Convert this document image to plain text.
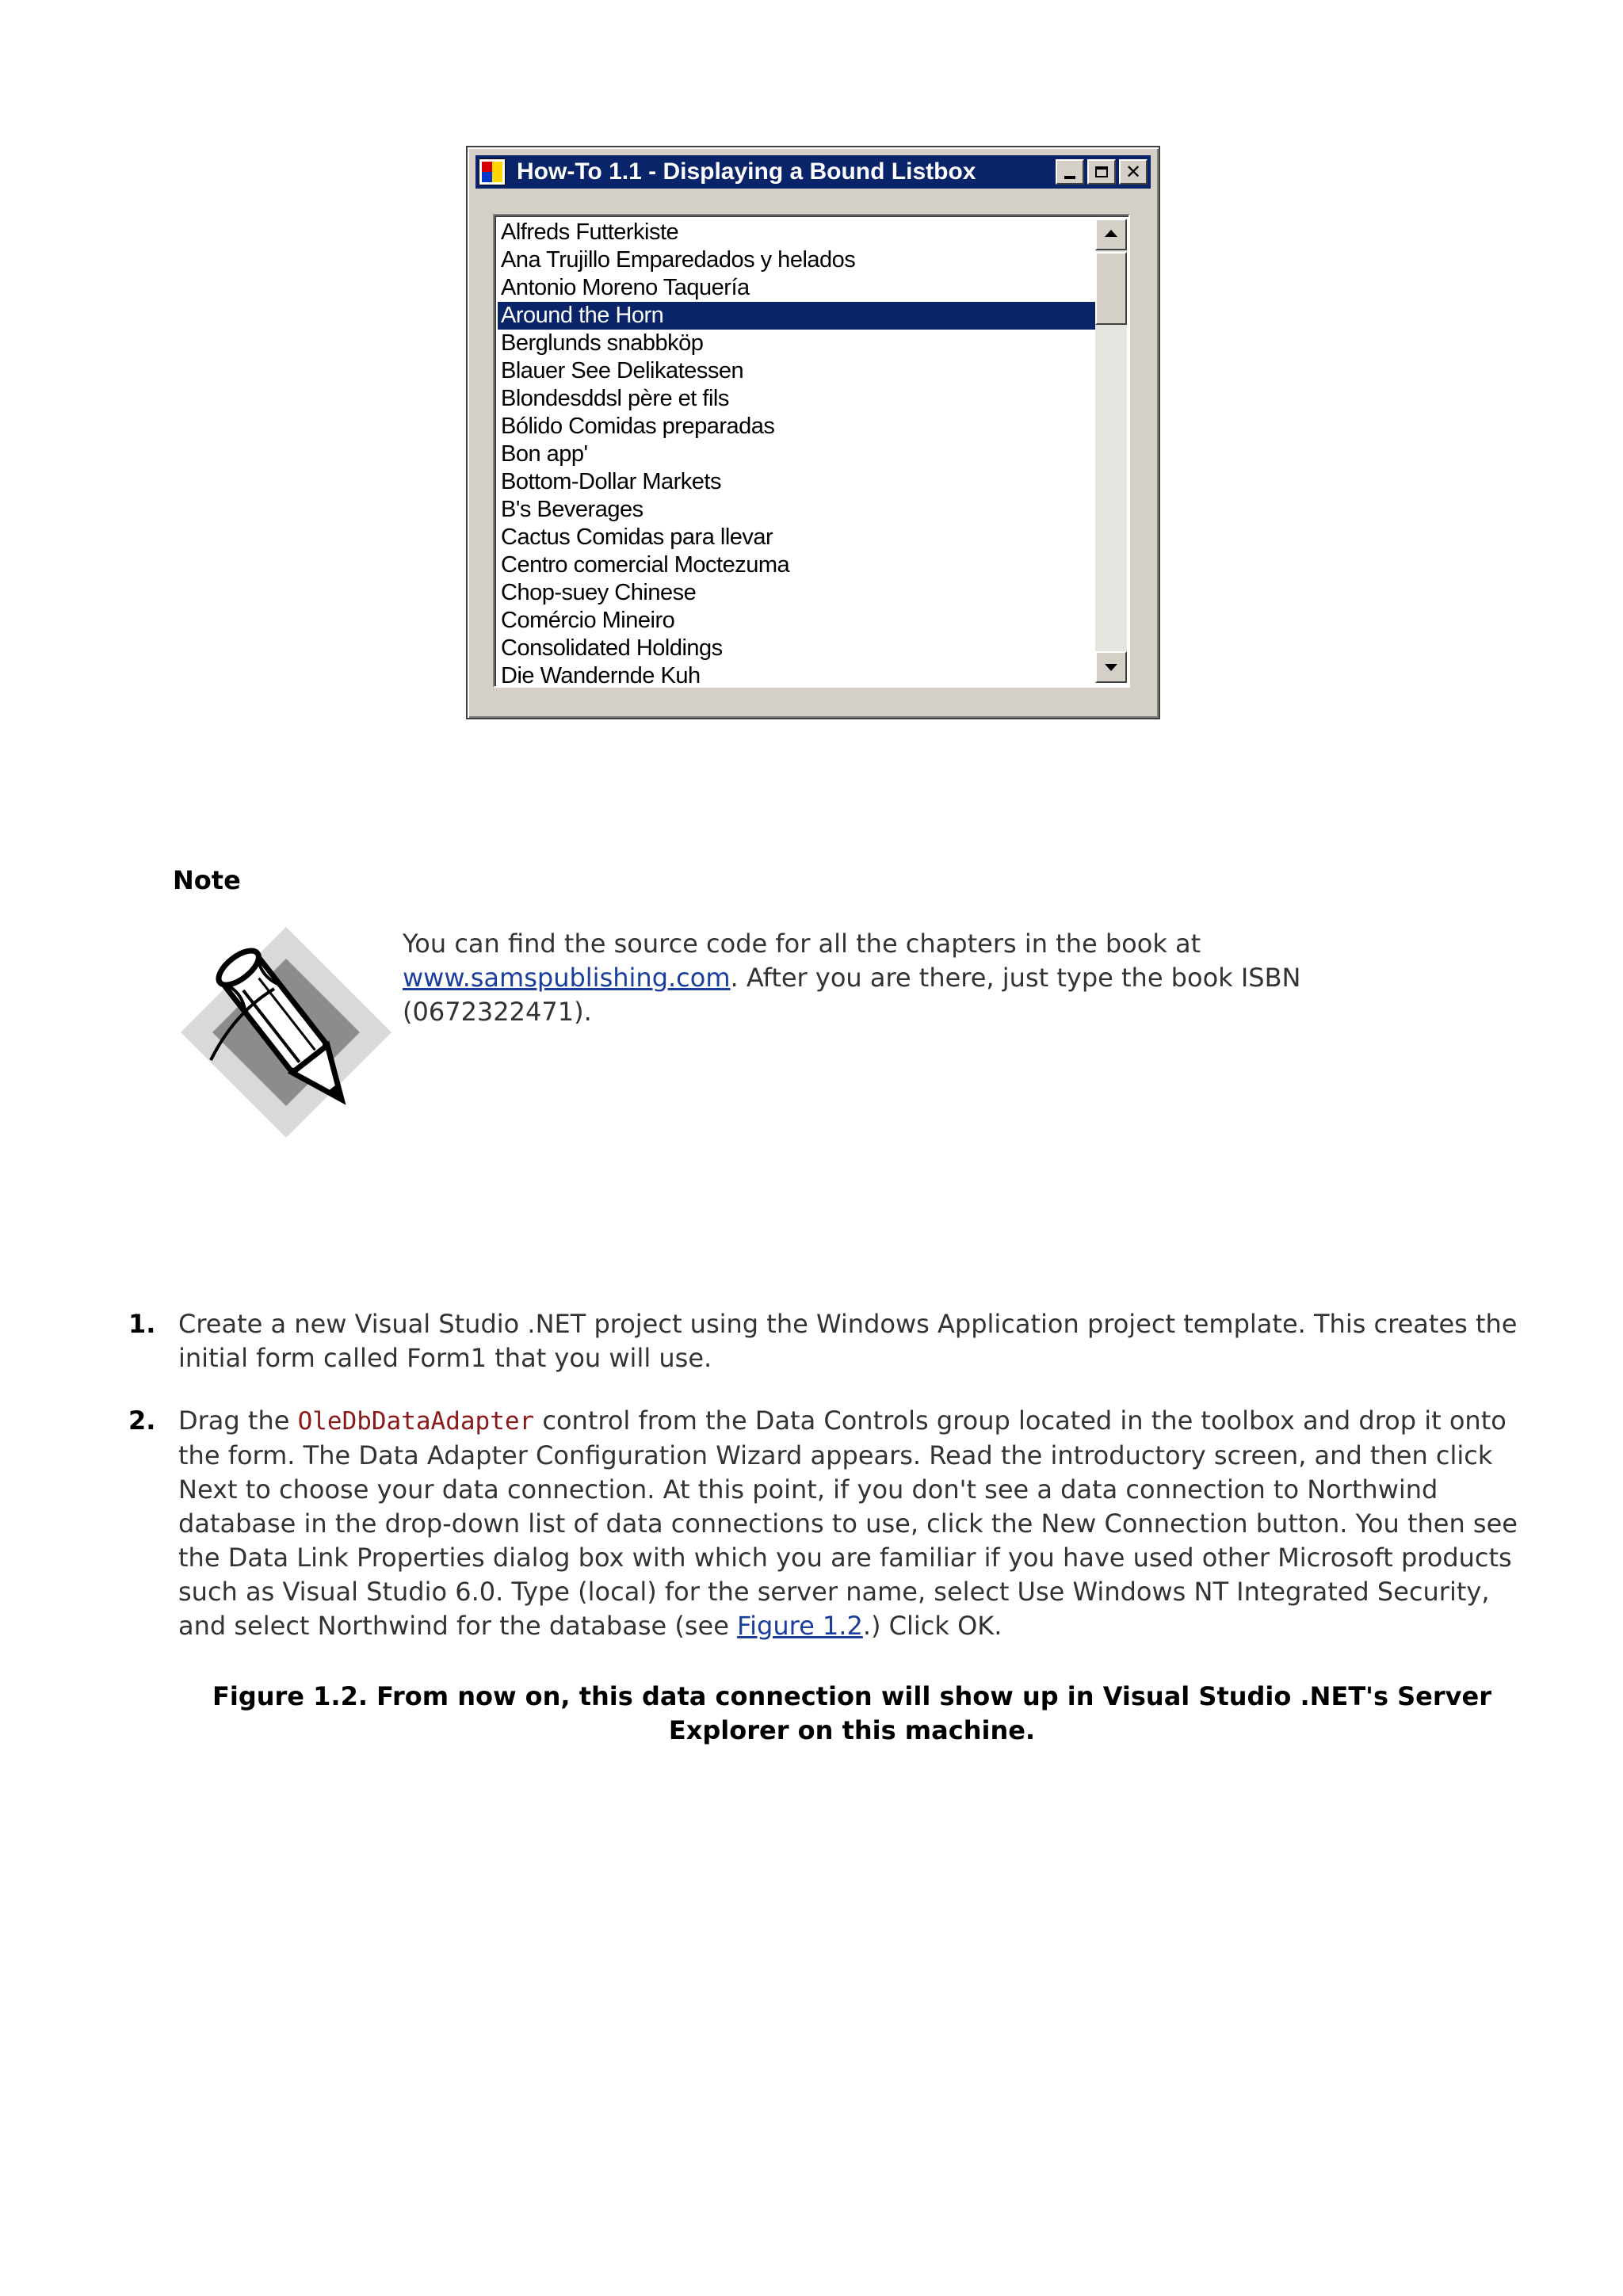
How-To 1.1 - Displaying a Bound Listbox	✕
Alfreds Futterkiste
Ana Trujillo Emparedados y helados
Antonio Moreno Taquería
Around the Horn
Berglunds snabbköp
Blauer See Delikatessen
Blondesddsl père et fils
Bólido Comidas preparadas
Bon app'
Bottom-Dollar Markets
B's Beverages
Cactus Comidas para llevar
Centro comercial Moctezuma
Chop-suey Chinese
Comércio Mineiro
Consolidated Holdings
Die Wandernde Kuh
Note
You can find the source code for all the chapters in the book at www.samspublishing.com. After you are there, just type the book ISBN (0672322471).
1. Create a new Visual Studio .NET project using the Windows Application project template. This creates the initial form called Form1 that you will use.
2. Drag the OleDbDataAdapter control from the Data Controls group located in the toolbox and drop it onto the form. The Data Adapter Configuration Wizard appears. Read the introductory screen, and then click Next to choose your data connection. At this point, if you don't see a data connection to Northwind database in the drop-down list of data connections to use, click the New Connection button. You then see the Data Link Properties dialog box with which you are familiar if you have used other Microsoft products such as Visual Studio 6.0. Type (local) for the server name, select Use Windows NT Integrated Security, and select Northwind for the database (see Figure 1.2.) Click OK.
Figure 1.2. From now on, this data connection will show up in Visual Studio .NET's Server Explorer on this machine.
